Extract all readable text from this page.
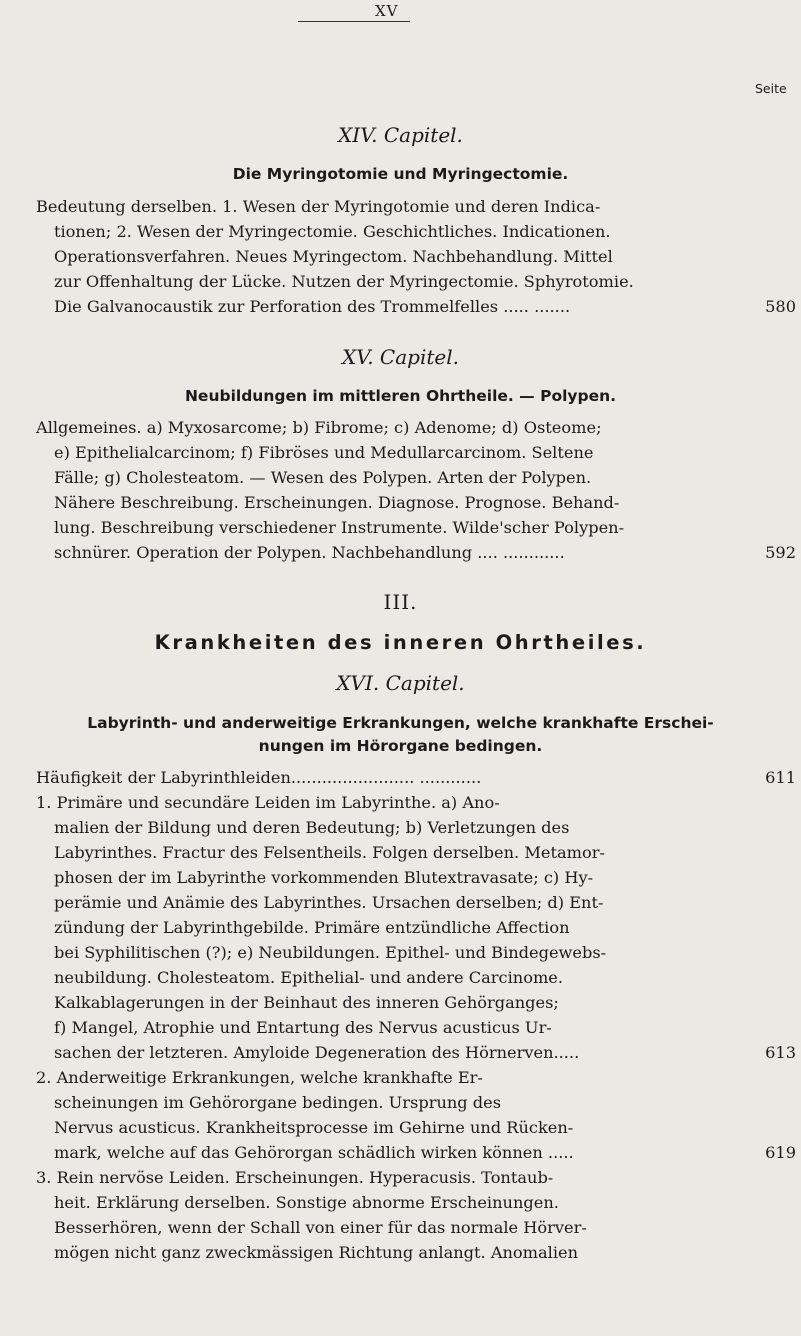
XV
Seite
XIV. Capitel.
Die Myringotomie und Myringectomie.
Bedeutung derselben. 1. Wesen der Myringotomie und deren Indica-
tionen; 2. Wesen der Myringectomie. Geschichtliches. Indicationen.
Operationsverfahren. Neues Myringectom. Nachbehandlung. Mittel
zur Offenhaltung der Lücke. Nutzen der Myringectomie. Sphyrotomie.
Die Galvanocaustik zur Perforation des Trommelfelles ..... .......	580
XV. Capitel.
Neubildungen im mittleren Ohrtheile. — Polypen.
Allgemeines. a) Myxosarcome; b) Fibrome; c) Adenome; d) Osteome;
e) Epithelialcarcinom; f) Fibröses und Medullarcarcinom. Seltene
Fälle; g) Cholesteatom. — Wesen des Polypen. Arten der Polypen.
Nähere Beschreibung. Erscheinungen. Diagnose. Prognose. Behand-
lung. Beschreibung verschiedener Instrumente. Wilde'scher Polypen-
schnürer. Operation der Polypen. Nachbehandlung .... ............	592
III.
Krankheiten des inneren Ohrtheiles.
XVI. Capitel.
Labyrinth- und anderweitige Erkrankungen, welche krankhafte Erschei-
nungen im Hörorgane bedingen.
Häufigkeit der Labyrinthleiden........................ ............	611
1. Primäre und secundäre Leiden im Labyrinthe. a) Ano-
malien der Bildung und deren Bedeutung; b) Verletzungen des
Labyrinthes. Fractur des Felsentheils. Folgen derselben. Metamor-
phosen der im Labyrinthe vorkommenden Blutextravasate; c) Hy-
perämie und Anämie des Labyrinthes. Ursachen derselben; d) Ent-
zündung der Labyrinthgebilde. Primäre entzündliche Affection
bei Syphilitischen (?); e) Neubildungen. Epithel- und Bindegewebs-
neubildung. Cholesteatom. Epithelial- und andere Carcinome.
Kalkablagerungen in der Beinhaut des inneren Gehörganges;
f) Mangel, Atrophie und Entartung des Nervus acusticus Ur-
sachen der letzteren. Amyloide Degeneration des Hörnerven.....	613
2. Anderweitige Erkrankungen, welche krankhafte Er-
scheinungen im Gehörorgane bedingen. Ursprung des
Nervus acusticus. Krankheitsprocesse im Gehirne und Rücken-
mark, welche auf das Gehörorgan schädlich wirken können .....	619
3. Rein nervöse Leiden. Erscheinungen. Hyperacusis. Tontaub-
heit. Erklärung derselben. Sonstige abnorme Erscheinungen.
Besserhören, wenn der Schall von einer für das normale Hörver-
mögen nicht ganz zweckmässigen Richtung anlangt. Anomalien
